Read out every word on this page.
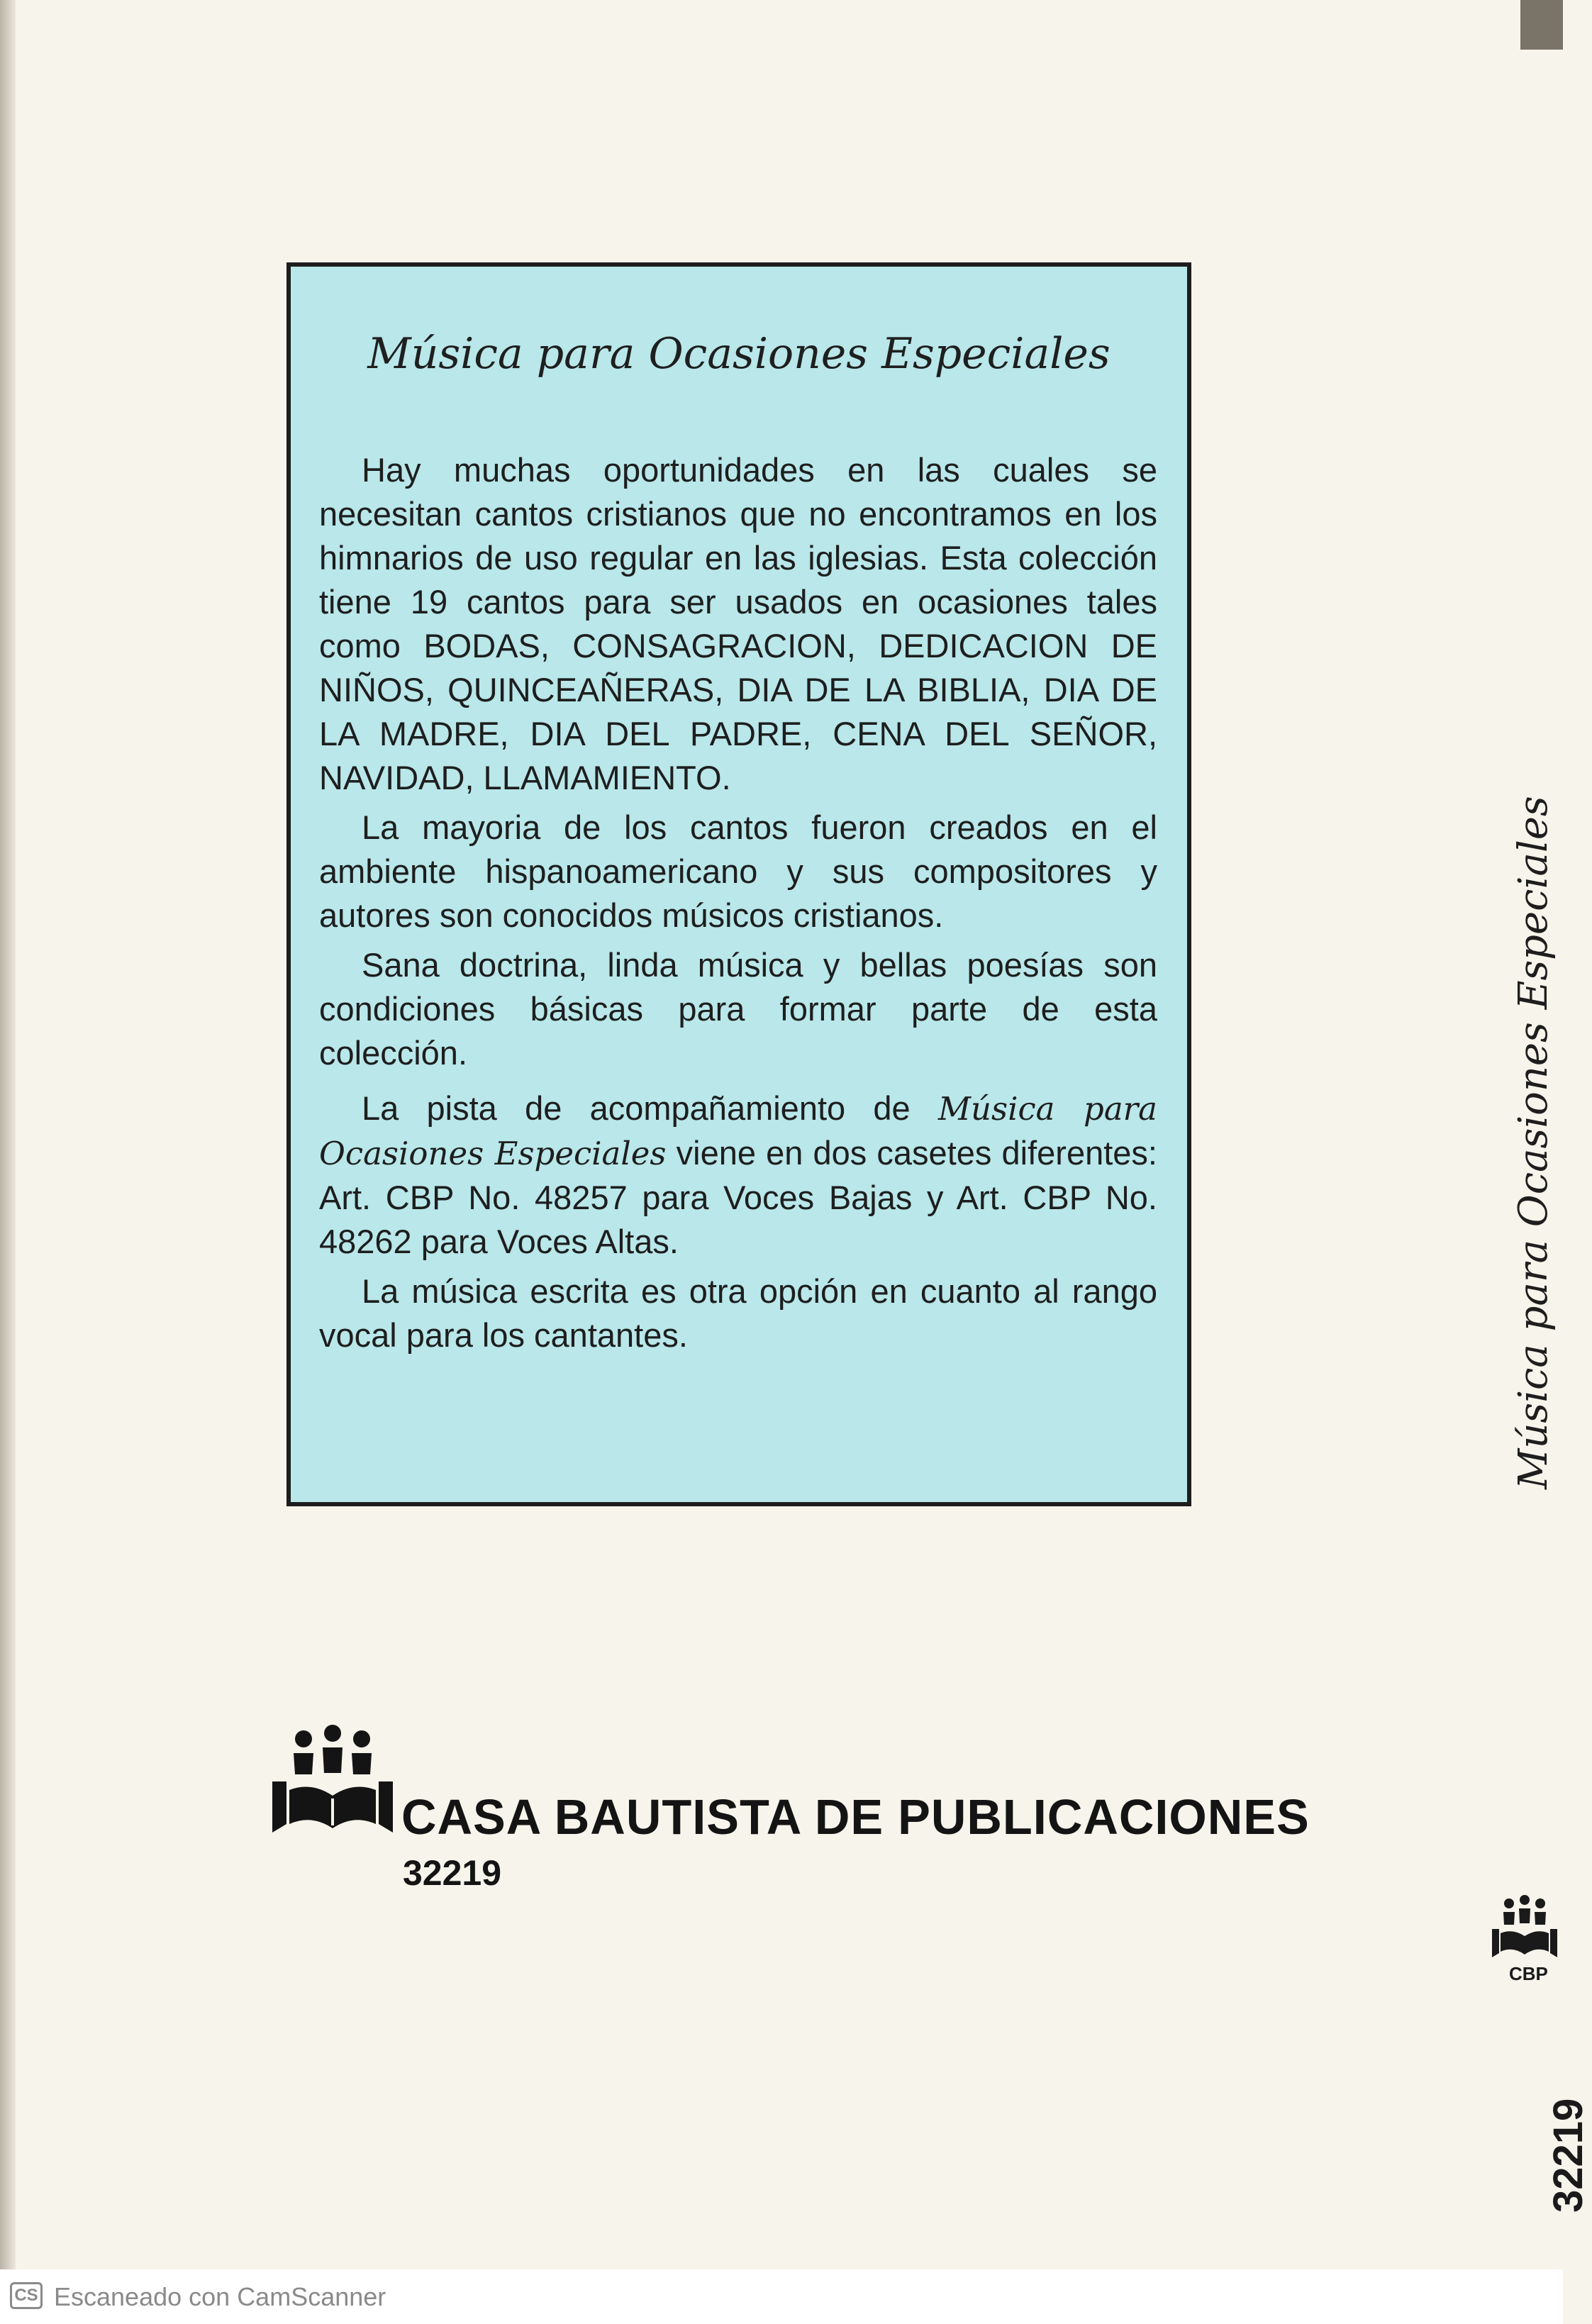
Música para Ocasiones Especiales

Hay muchas oportunidades en las cuales se necesitan cantos cristianos que no encontramos en los himnarios de uso regular en las iglesias. Esta colección tiene 19 cantos para ser usados en ocasiones tales como BODAS, CONSAGRACION, DEDICACION DE NIÑOS, QUINCEAÑERAS, DIA DE LA BIBLIA, DIA DE LA MADRE, DIA DEL PADRE, CENA DEL SEÑOR, NAVIDAD, LLAMAMIENTO.

La mayoria de los cantos fueron creados en el ambiente hispanoamericano y sus compositores y autores son conocidos músicos cristianos.

Sana doctrina, linda música y bellas poesías son condiciones básicas para formar parte de esta colección.

La pista de acompañamiento de Música para Ocasiones Especiales viene en dos casetes diferentes: Art. CBP No. 48257 para Voces Bajas y Art. CBP No. 48262 para Voces Altas.

La música escrita es otra opción en cuanto al rango vocal para los cantantes.	Música para Ocasiones Especiales
CASA BAUTISTA DE PUBLICACIONES
32219
CBP
32219
CS Escaneado con CamScanner
